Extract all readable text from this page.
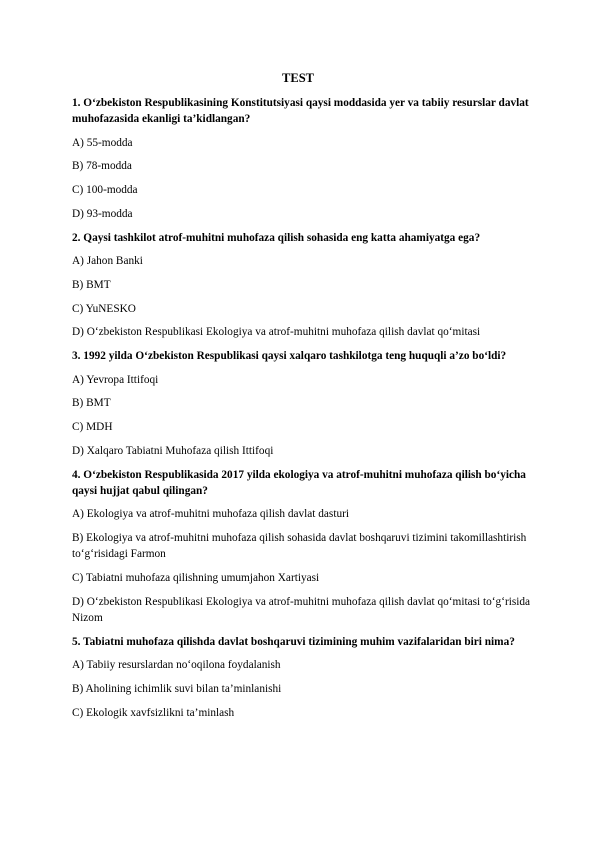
TEST

1. O‘zbekiston Respublikasining Konstitutsiyasi qaysi moddasida yer va tabiiy resurslar davlat muhofazasida ekanligi ta’kidlangan?

A) 55-modda

B) 78-modda

C) 100-modda

D) 93-modda

2. Qaysi tashkilot atrof-muhitni muhofaza qilish sohasida eng katta ahamiyatga ega?

A) Jahon Banki

B) BMT

C) YuNESKO

D) O‘zbekiston Respublikasi Ekologiya va atrof-muhitni muhofaza qilish davlat qo‘mitasi

3. 1992 yilda O‘zbekiston Respublikasi qaysi xalqaro tashkilotga teng huquqli a’zo bo‘ldi?

A) Yevropa Ittifoqi

B) BMT

C) MDH

D) Xalqaro Tabiatni Muhofaza qilish Ittifoqi

4. O‘zbekiston Respublikasida 2017 yilda ekologiya va atrof-muhitni muhofaza qilish bo‘yicha qaysi hujjat qabul qilingan?

A) Ekologiya va atrof-muhitni muhofaza qilish davlat dasturi

B) Ekologiya va atrof-muhitni muhofaza qilish sohasida davlat boshqaruvi tizimini takomillashtirish to‘g‘risidagi Farmon

C) Tabiatni muhofaza qilishning umumjahon Xartiyasi

D) O‘zbekiston Respublikasi Ekologiya va atrof-muhitni muhofaza qilish davlat qo‘mitasi to‘g‘risida Nizom

5. Tabiatni muhofaza qilishda davlat boshqaruvi tizimining muhim vazifalaridan biri nima?

A) Tabiiy resurslardan no‘oqilona foydalanish

B) Aholining ichimlik suvi bilan ta’minlanishi

C) Ekologik xavfsizlikni ta’minlash
